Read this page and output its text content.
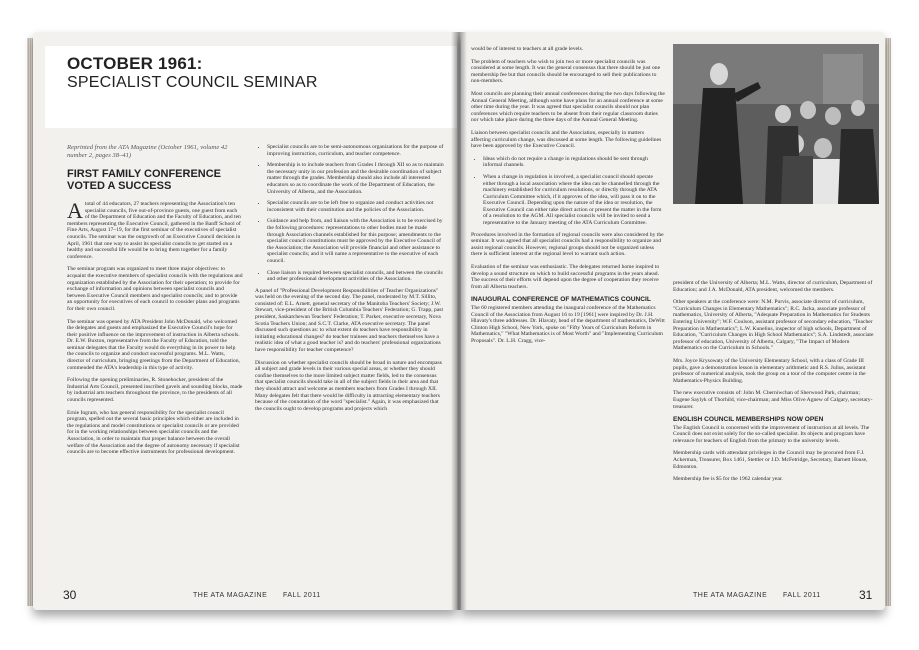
OCTOBER 1961:
SPECIALIST COUNCIL SEMINAR
Reprinted from the ATA Magazine (October 1961, volume 42 number 2, pages 38–41)
FIRST FAMILY CONFERENCE VOTED A SUCCESS

Atotal of 44 educators, 27 teachers representing the Association's ten specialist councils, five out-of-province guests, one guest from each of the Department of Education and the Faculty of Education, and ten members representing the Executive Council, gathered in the Banff School of Fine Arts, August 17–19, for the first seminar of the executives of specialist councils. The seminar was the outgrowth of an Executive Council decision in April, 1961 that one way to assist its specialist councils to get started on a healthy and successful life would be to bring them together for a family conference.

The seminar program was organized to meet three major objectives: to acquaint the executive members of specialist councils with the regulations and organization established by the Association for their operation; to provide for exchange of information and opinions between specialist councils and between Executive Council members and specialist councils; and to provide an opportunity for executives of each council to consider plans and programs for their own council.

The seminar was opened by ATA President John McDonald, who welcomed the delegates and guests and emphasized the Executive Council's hope for their positive influence on the improvement of instruction in Alberta schools. Dr. E.W. Buxton, representative from the Faculty of Education, told the seminar delegates that the Faculty would do everything in its power to help the councils to organize and conduct successful programs. M.L. Watts, director of curriculum, bringing greetings from the Department of Education, commended the ATA's leadership in this type of activity.

Following the opening preliminaries, R. Stonehocker, president of the Industrial Arts Council, presented inscribed gavels and sounding blocks, made by industrial arts teachers throughout the province, to the presidents of all councils represented.

Ernie Ingram, who has general responsibility for the specialist council program, spelled out the several basic principles which either are included in the regulations and model constitutions or specialist councils or are provided for in the working relationships between specialist councils and the Association, in order to maintain that proper balance between the overall welfare of the Association and the degree of autonomy necessary if specialist councils are to become effective instruments for professional development.

• Specialist councils are to be semi-autonomous organizations for the purpose of improving instruction, curriculum, and teacher competence.
• Membership is to include teachers from Grades I through XII so as to maintain the necessary unity in our profession and the desirable coordination of subject matter through the grades. Membership should also include all interested educators so as to coordinate the work of the Department of Education, the University of Alberta, and the Association.
• Specialist councils are to be left free to organize and conduct activities not inconsistent with their constitution and the policies of the Association.
• Guidance and help from, and liaison with the Association is to be exercised by the following procedures: representations to other bodies must be made through Association channels established for this purpose; amendments to the specialist council constitutions must be approved by the Executive Council of the Association; the Association will provide financial and other assistance to specialist councils; and it will name a representative to the executive of each council.
• Close liaison is required between specialist councils, and between the councils and other professional development activities of the Association.

A panel of "Professional Development Responsibilities of Teacher Organizations" was held on the evening of the second day. The panel, moderated by M.T. Sillito, consisted of: E.L. Arnett, general secretary of the Manitoba Teachers' Society; J.W. Stewart, vice-president of the British Columbia Teachers' Federation; G. Trapp, past president, Saskatchewan Teachers' Federation; T. Parker, executive secretary, Nova Scotia Teachers Union; and S.C.T. Clarke, ATA executive secretary. The panel discussed such questions as: to what extent do teachers have responsibility in initiating educational changes? do teacher trainees and teachers themselves have a realistic idea of what a good teacher is? and do teachers' professional organizations have responsibility for teacher competence?

Discussion on whether specialist councils should be broad in nature and encompass all subject and grade levels in their various special areas, or whether they should confine themselves to the more limited subject matter fields, led to the consensus that specialist councils should take in all of the subject fields in their area and that they should attract and welcome as members teachers from Grades I through XII. Many delegates felt that there would be difficulty in attracting elementary teachers because of the connotation of the word "specialist." Again, it was emphasized that the councils ought to develop programs and projects which

30	THE ATA MAGAZINE FALL 2011

would be of interest to teachers at all grade levels.

The problem of teachers who wish to join two or more specialist councils was considered at some length. It was the general consensus that there should be just one membership fee but that councils should be encouraged to sell their publications to non-members.

Most councils are planning their annual conferences during the two days following the Annual General Meeting, although some have plans for an annual conference at some other time during the year. It was agreed that specialist councils should not plan conferences which require teachers to be absent from their regular classroom duties nor which take place during the three days of the Annual General Meeting.

Liaison between specialist councils and the Association, especially in matters affecting curriculum change, was discussed at some length. The following guidelines have been approved by the Executive Council.

• Ideas which do not require a change in regulations should be sent through informal channels.
• When a change in regulation is involved, a specialist council should operate either through a local association where the idea can be channelled through the machinery established for curriculum resolutions, or directly through the ATA Curriculum Committee which, if it approves of the idea, will pass it on to the Executive Council. Depending upon the nature of the idea or resolution, the Executive Council can either take direct action or present the matter in the form of a resolution to the AGM. All specialist councils will be invited to send a representative to the January meeting of the ATA Curriculum Committee.

Procedures involved in the formation of regional councils were also considered by the seminar. It was agreed that all specialist councils had a responsibility to organize and assist regional councils. However, regional groups should not be organized unless there is sufficient interest at the regional level to warrant such action.

Evaluation of the seminar was enthusiastic. The delegates returned home inspired to develop a sound structure on which to build successful programs in the years ahead. The success of their efforts will depend upon the degree of cooperation they receive from all Alberta teachers.

INAUGURAL CONFERENCE OF MATHEMATICS COUNCIL

The 60 registered members attending the inaugural conference of the Mathematics Council of the Association from August 16 to 19 [1961] were inspired by Dr. J.H. Hlavaty's three addresses. Dr. Hlavaty, head of the department of mathematics, DeWitt Clinton High School, New York, spoke on "Fifty Years of Curriculum Reform in Mathematics," "What Mathematics is of Most Worth" and "Implementing Curriculum Proposals". Dr. L.H. Cragg, vice-

president of the University of Alberta; M.L. Watts, director of curriculum, Department of Education; and J.A. McDonald, ATA president, welcomed the members.

Other speakers at the conference were: N.M. Purvis, associate director of curriculum, "Curriculum Changes in Elementary Mathematics"; R.C. Jacka, associate professor of mathematics, University of Alberta, "Adequate Preparation in Mathematics for Students Entering University"; W.F. Coulson, assistant professor of secondary education, "Teacher Preparation in Mathematics"; L.W. Kunelius, inspector of high schools, Department of Education, "Curriculum Changes in High School Mathematics"; S.A. Lindstedt, associate professor of education, University of Alberta, Calgary, "The Impact of Modern Mathematics on the Curriculum in Schools."

Mrs. Joyce Krysowaty of the University Elementary School, with a class of Grade III pupils, gave a demonstration lesson in elementary arithmetic and R.S. Julius, assistant professor of numerical analysis, took the group on a tour of the computer centre in the Mathematics-Physics Building.

The new executive consists of: John M. Cherniwchan of Sherwood Park, chairman; Eugene Saylyk of Thorhild, vice-chairman; and Miss Olive Agnew of Calgary, secretary-treasurer.

ENGLISH COUNCIL MEMBERSHIPS NOW OPEN

The English Council is concerned with the improvement of instruction at all levels. The Council does not exist solely for the so-called specialist. Its objects and program have relevance for teachers of English from the primary to the university levels.

Membership cards with attendant privileges in the Council may be procured from F.J. Ackerman, Treasurer, Box 1461, Stettler or J.D. McFetridge, Secretary, Barnett House, Edmonton.

Membership fee is $5 for the 1962 calendar year.

THE ATA MAGAZINE FALL 2011	31
